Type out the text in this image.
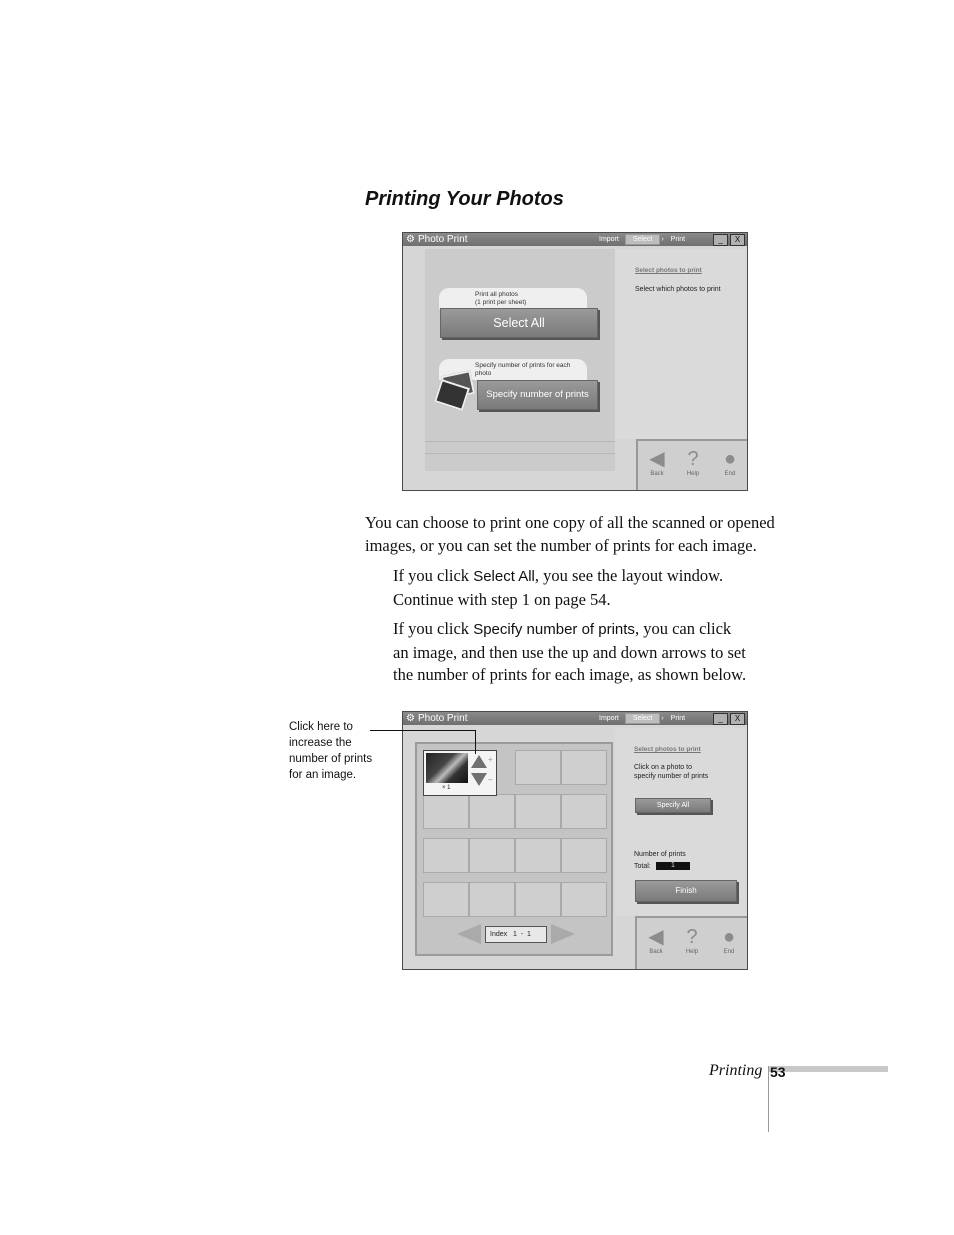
Printing Your Photos
⚙ Photo Print	Import Select › Print	_	X
Select photos to print
Select which photos to print
Print all photos
(1 print per sheet)
Select All
Specify number of prints for each
photo
Specify number of prints
◀
Back
?
Help
●
End
You can choose to print one copy of all the scanned or opened
images, or you can set the number of prints for each image.
If you click Select All, you see the layout window.
Continue with step 1 on page 54.
If you click Specify number of prints, you can click
an image, and then use the up and down arrows to set
the number of prints for each image, as shown below.
Click here to
increase the
number of prints
for an image.
⚙ Photo Print	Import Select › Print	_	X
× 1
+
–
Index 1 - 1
Select photos to print
Click on a photo to
specify number of prints
Specify All
Number of prints
Total:	1
Finish
◀
Back
?
Help
●
End
Printing 53
